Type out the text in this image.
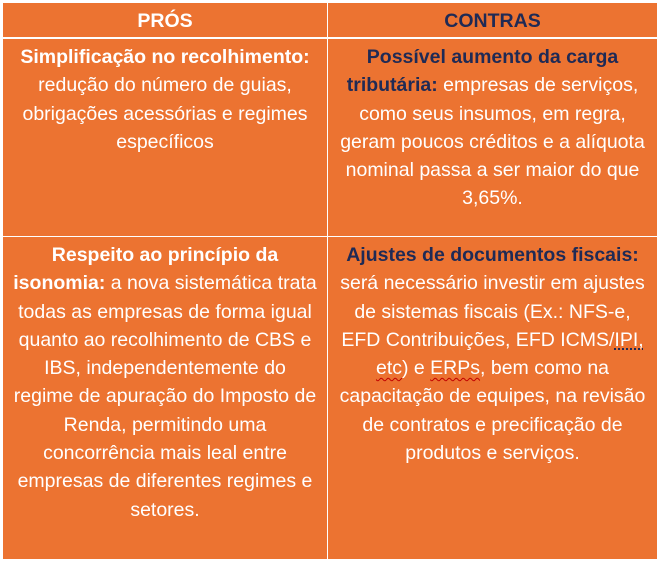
PRÓS	CONTRAS
Simplificação no recolhimento: redução do número de guias, obrigações acessórias e regimes específicos
Possível aumento da carga tributária: empresas de serviços, como seus insumos, em regra, geram poucos créditos e a alíquota nominal passa a ser maior do que 3,65%.
Respeito ao princípio da isonomia: a nova sistemática trata todas as empresas de forma igual quanto ao recolhimento de CBS e IBS, independentemente do regime de apuração do Imposto de Renda, permitindo uma concorrência mais leal entre empresas de diferentes regimes e setores.
Ajustes de documentos fiscais: será necessário investir em ajustes de sistemas fiscais (Ex.: NFS-e, EFD Contribuições, EFD ICMS/IPI, etc) e ERPs, bem como na capacitação de equipes, na revisão de contratos e precificação de produtos e serviços.
